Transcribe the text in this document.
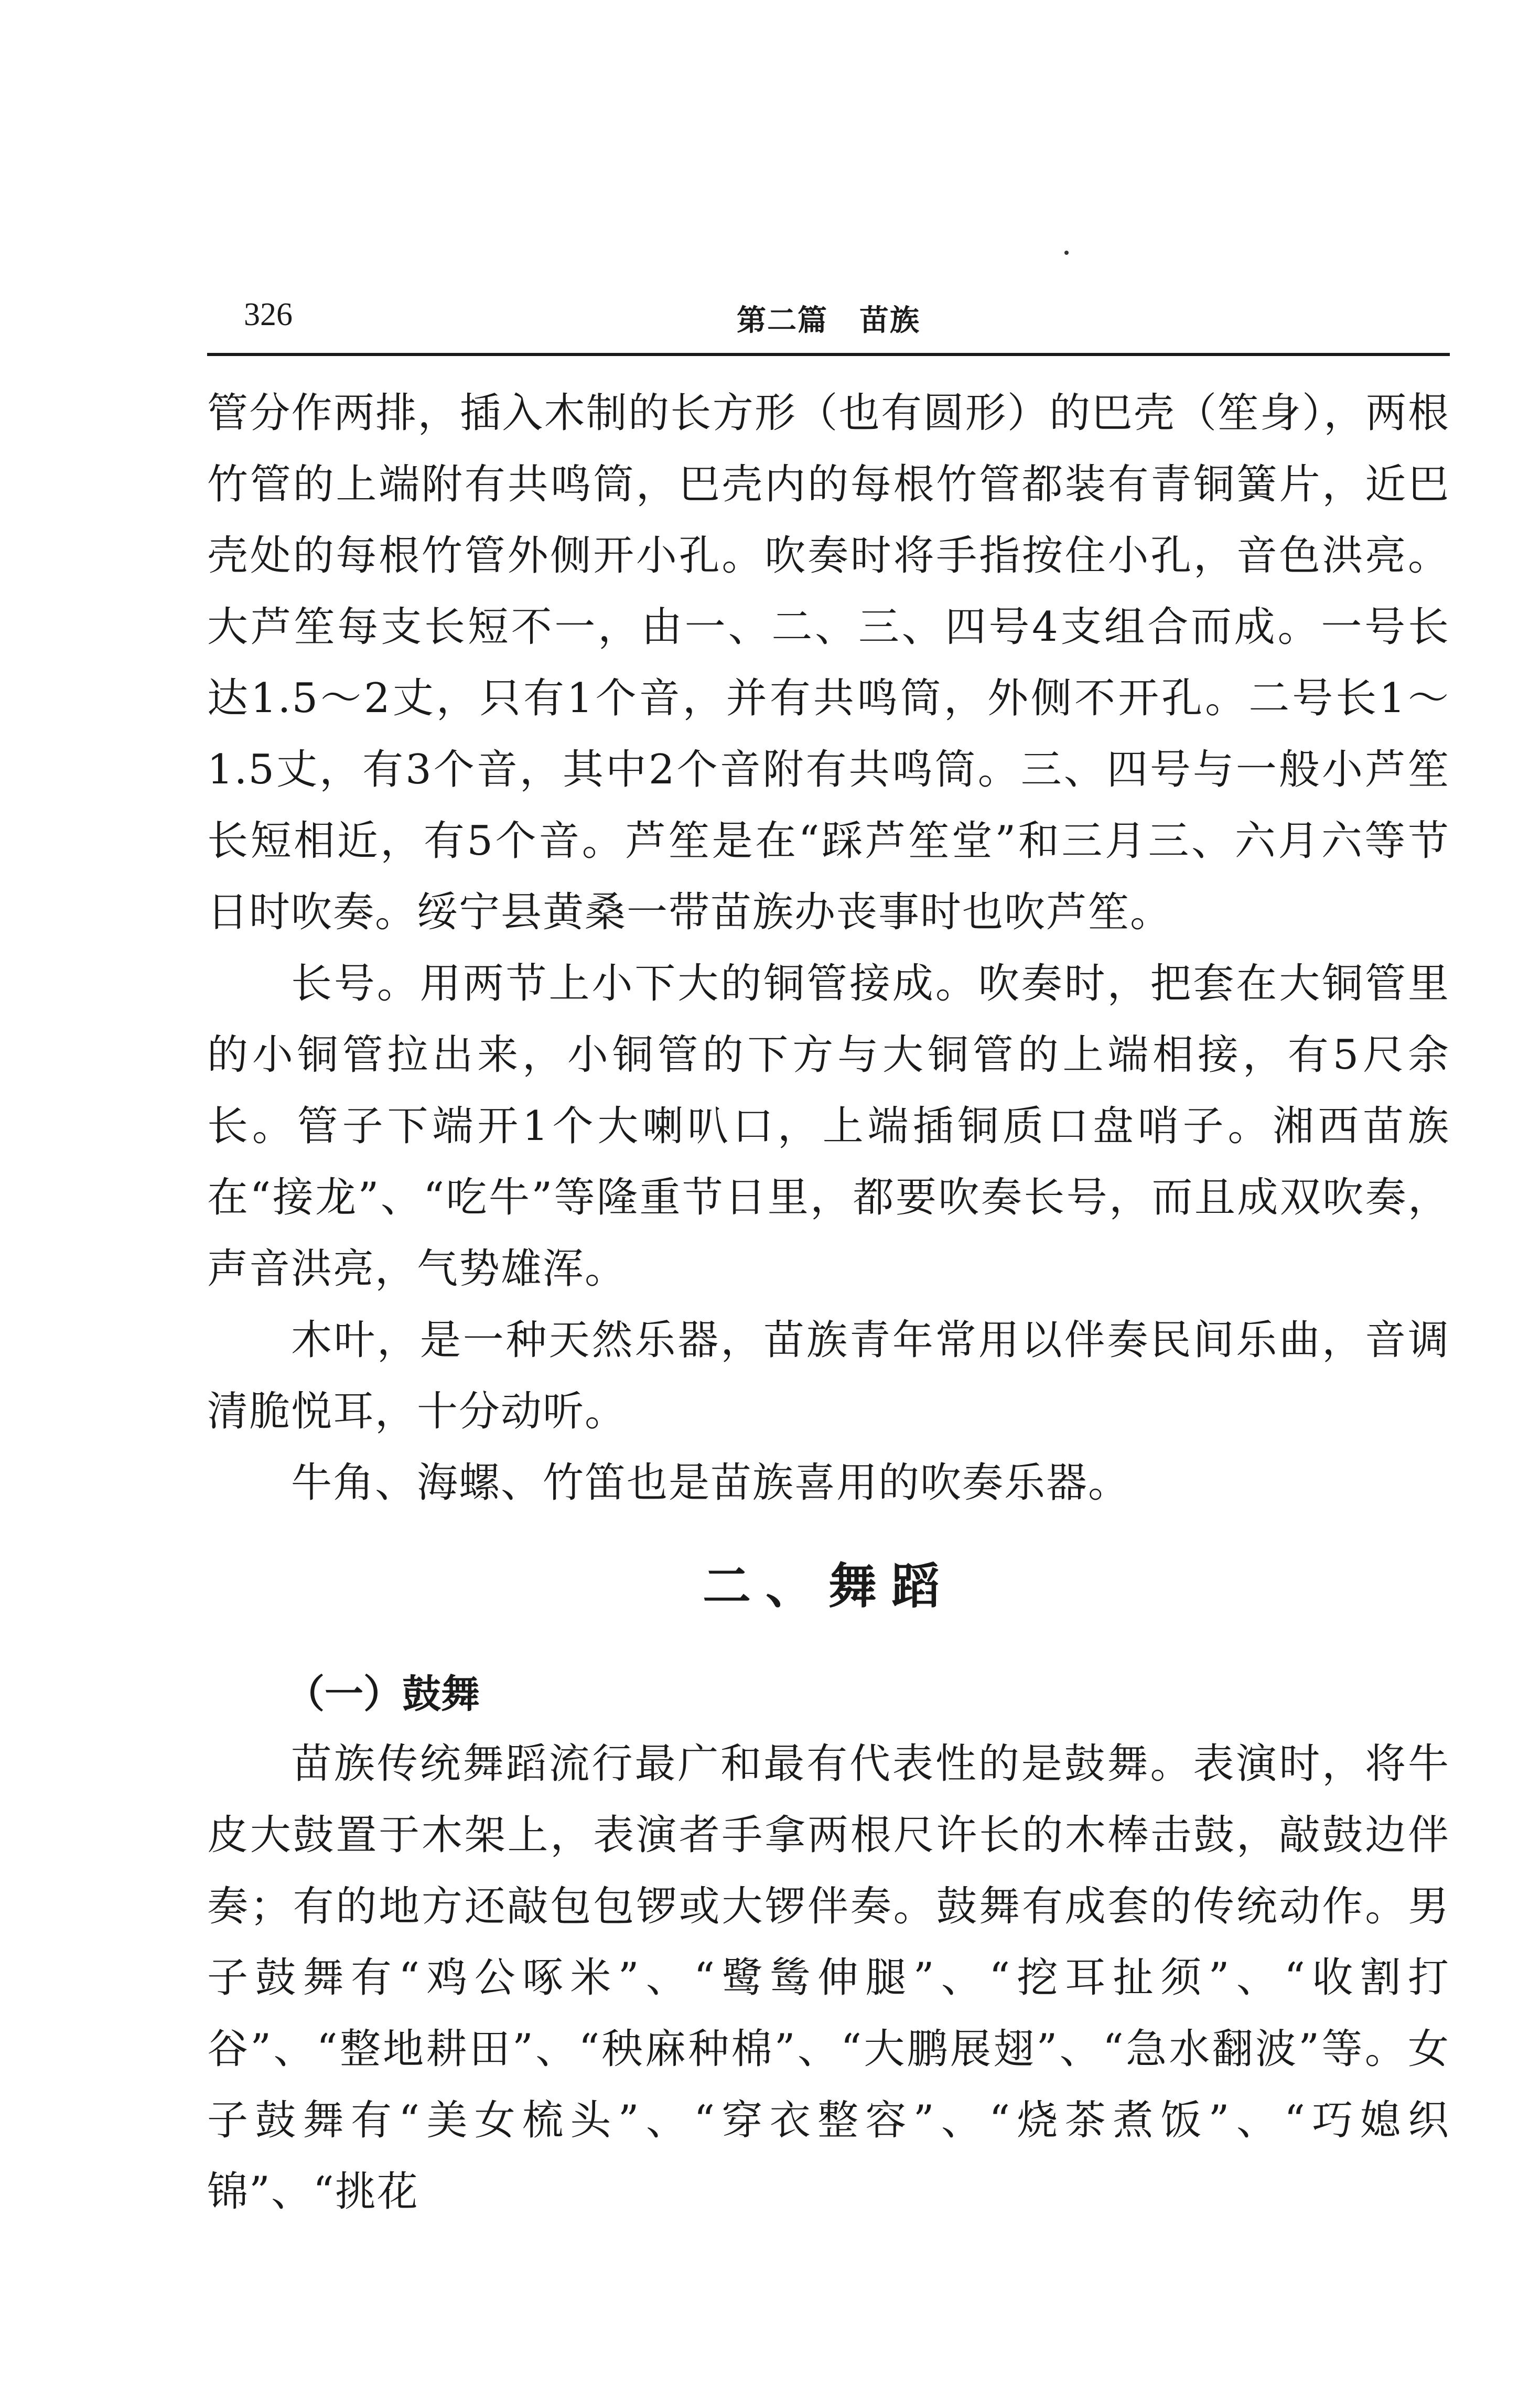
326	第二篇 苗族

管分作两排，插入木制的长方形（也有圆形）的巴壳（笙身），两根竹管的上端附有共鸣筒，巴壳内的每根竹管都装有青铜簧片，近巴壳处的每根竹管外侧开小孔。吹奏时将手指按住小孔，音色洪亮。大芦笙每支长短不一，由一、二、三、四号4支组合而成。一号长达1.5～2丈，只有1个音，并有共鸣筒，外侧不开孔。二号长1～1.5丈，有3个音，其中2个音附有共鸣筒。三、四号与一般小芦笙长短相近，有5个音。芦笙是在“踩芦笙堂”和三月三、六月六等节日时吹奏。绥宁县黄桑一带苗族办丧事时也吹芦笙。

长号。用两节上小下大的铜管接成。吹奏时，把套在大铜管里的小铜管拉出来，小铜管的下方与大铜管的上端相接，有5尺余长。管子下端开1个大喇叭口，上端插铜质口盘哨子。湘西苗族在“接龙”、“吃牛”等隆重节日里，都要吹奏长号，而且成双吹奏，声音洪亮，气势雄浑。

木叶，是一种天然乐器，苗族青年常用以伴奏民间乐曲，音调清脆悦耳，十分动听。

牛角、海螺、竹笛也是苗族喜用的吹奏乐器。

二、舞蹈
（一）鼓舞

苗族传统舞蹈流行最广和最有代表性的是鼓舞。表演时，将牛皮大鼓置于木架上，表演者手拿两根尺许长的木棒击鼓，敲鼓边伴奏；有的地方还敲包包锣或大锣伴奏。鼓舞有成套的传统动作。男子鼓舞有“鸡公啄米”、“鹭鸶伸腿”、“挖耳扯须”、“收割打谷”、“整地耕田”、“秧麻种棉”、“大鹏展翅”、“急水翻波”等。女子鼓舞有“美女梳头”、“穿衣整容”、“烧茶煮饭”、“巧媳织锦”、“挑花
